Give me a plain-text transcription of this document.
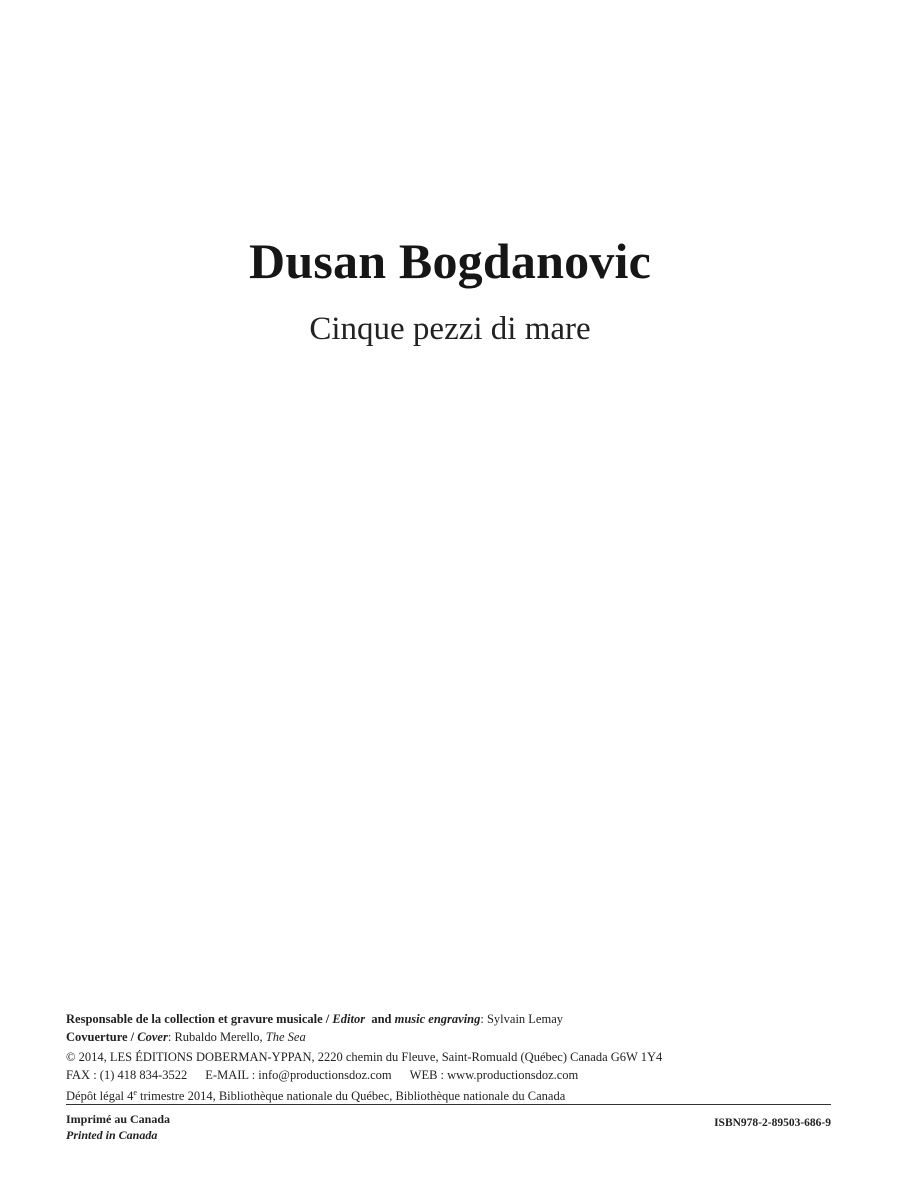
Dusan Bogdanovic
Cinque pezzi di mare
Responsable de la collection et gravure musicale / Editor and music engraving: Sylvain Lemay
Covuerture / Cover: Rubaldo Merello, The Sea
© 2014, LES ÉDITIONS DOBERMAN-YPPAN, 2220 chemin du Fleuve, Saint-Romuald (Québec) Canada G6W 1Y4
FAX : (1) 418 834-3522 E-MAIL : info@productionsdoz.com WEB : www.productionsdoz.com
Dépôt légal 4e trimestre 2014, Bibliothèque nationale du Québec, Bibliothèque nationale du Canada
Imprimé au Canada
Printed in Canada
ISBN978-2-89503-686-9
